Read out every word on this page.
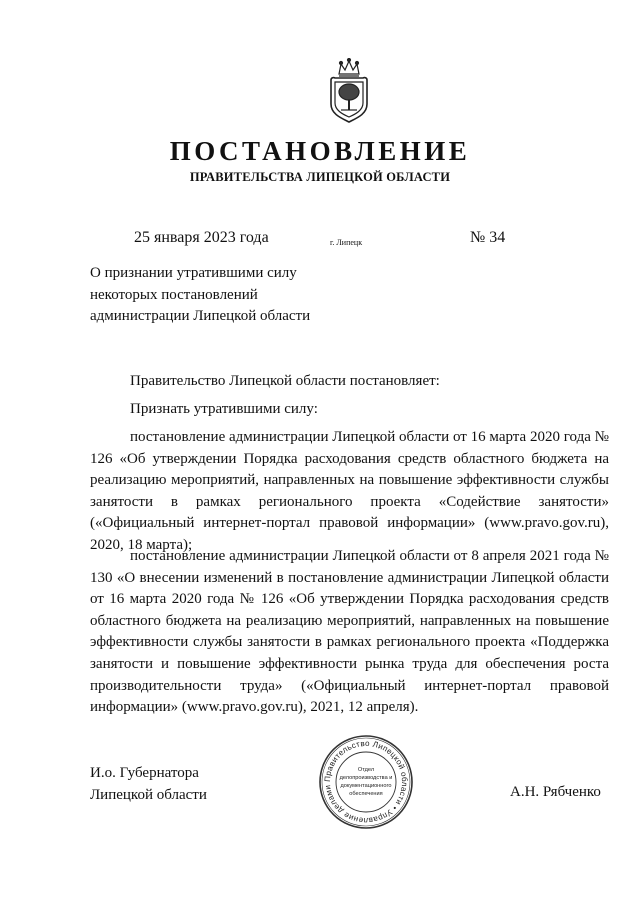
ПОСТАНОВЛЕНИЕ
ПРАВИТЕЛЬСТВА ЛИПЕЦКОЙ ОБЛАСТИ
25 января 2023 года	г. Липецк	№ 34
О признании утратившими силу некоторых постановлений администрации Липецкой области

Правительство Липецкой области постановляет:

Признать утратившими силу:

постановление администрации Липецкой области от 16 марта 2020 года № 126 «Об утверждении Порядка расходования средств областного бюджета на реализацию мероприятий, направленных на повышение эффективности службы занятости в рамках регионального проекта «Содействие занятости» («Официальный интернет-портал правовой информации» (www.pravo.gov.ru), 2020, 18 марта);

постановление администрации Липецкой области от 8 апреля 2021 года № 130 «О внесении изменений в постановление администрации Липецкой области от 16 марта 2020 года № 126 «Об утверждении Порядка расходования средств областного бюджета на реализацию мероприятий, направленных на повышение эффективности службы занятости в рамках регионального проекта «Поддержка занятости и повышение эффективности рынка труда для обеспечения роста производительности труда» («Официальный интернет-портал правовой информации» (www.pravo.gov.ru), 2021, 12 апреля).

И.о. Губернатора
Липецкой области	А.Н. Рябченко
Правительство Липецкой области • Управление делами
Отдел
делопроизводства и
документационного
обеспечения
